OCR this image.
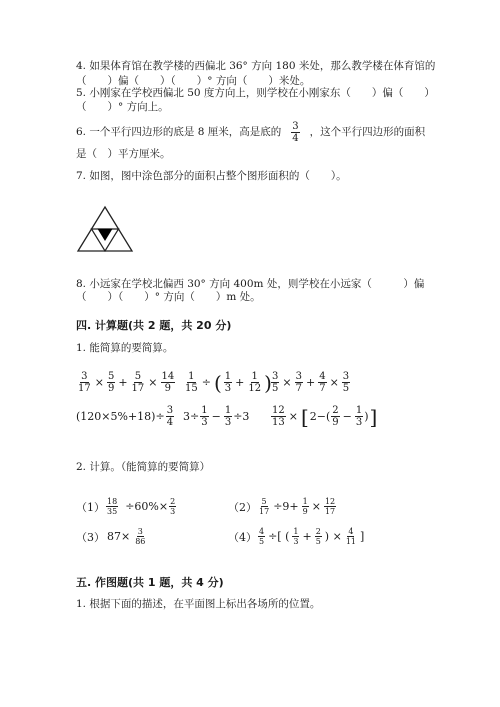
4. 如果体育馆在教学楼的西偏北 36° 方向 180 米处，那么教学楼在体育馆的
（　　）偏（　　）（　　）° 方向（　　）米处。
5. 小刚家在学校西偏北 50 度方向上，则学校在小刚家东（　　）偏（　　）
（　　）° 方向上。
6. 一个平行四边形的底是 8 厘米，高是底的 $\frac{3}{4}$ ，这个平行四边形的面积
是（　）平方厘米。
7. 如图，图中涂色部分的面积占整个图形面积的（　　）。
8. 小远家在学校北偏西 30° 方向 400m 处，则学校在小远家（　　　）偏
（　　）（　　）° 方向（　　）m 处。
四. 计算题(共 2 题，共 20 分)
1. 能简算的要简算。
$\frac{3}{17} \times \frac{5}{9} + \frac{5}{17} \times \frac{14}{9} \frac{1}{15}$ ÷ ( $\frac{1}{3} + \frac{1}{12}$ ) $\frac{3}{5} \times \frac{3}{7} + \frac{4}{7} \times \frac{3}{5}$
$(120\times 5\%+18)\div \frac{3}{4} 3\div \frac{1}{3} - \frac{1}{3} \div 3 \frac{12}{13}$ × [ $2-( \frac{2}{9} - \frac{1}{3}$ ) ]
2. 计算。（能简算的要简算）
$(1) \frac{18}{35} \div 60\%\times \frac{2}{3}$	$(2) \frac{5}{17} \div 9+ \frac{1}{9} \times \frac{12}{17}$
（3） $87\times \frac{3}{86}$	$(4) \frac{4}{5}$ ÷[ ( $\frac{1}{3} + \frac{2}{5}$ ) × $\frac{4}{11}$ ]
五. 作图题(共 1 题，共 4 分)
1. 根据下面的描述，在平面图上标出各场所的位置。
